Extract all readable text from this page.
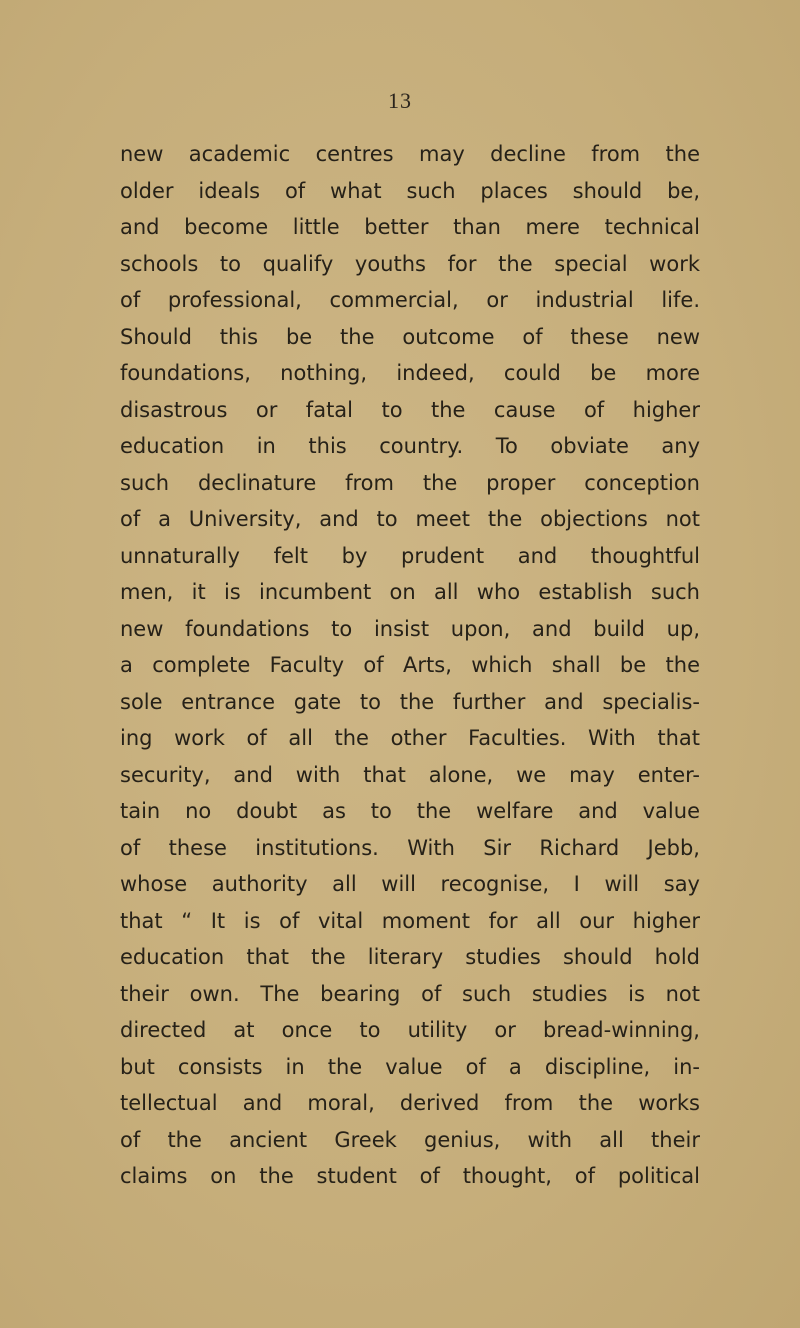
13
new academic centres may decline from the
older ideals of what such places should be,
and become little better than mere technical
schools to qualify youths for the special work
of professional, commercial, or industrial life.
Should this be the outcome of these new
foundations, nothing, indeed, could be more
disastrous or fatal to the cause of higher
education in this country. To obviate any
such declinature from the proper conception
of a University, and to meet the objections not
unnaturally felt by prudent and thoughtful
men, it is incumbent on all who establish such
new foundations to insist upon, and build up,
a complete Faculty of Arts, which shall be the
sole entrance gate to the further and specialis-
ing work of all the other Faculties. With that
security, and with that alone, we may enter-
tain no doubt as to the welfare and value
of these institutions. With Sir Richard Jebb,
whose authority all will recognise, I will say
that “ It is of vital moment for all our higher
education that the literary studies should hold
their own. The bearing of such studies is not
directed at once to utility or bread-winning,
but consists in the value of a discipline, in-
tellectual and moral, derived from the works
of the ancient Greek genius, with all their
claims on the student of thought, of political
